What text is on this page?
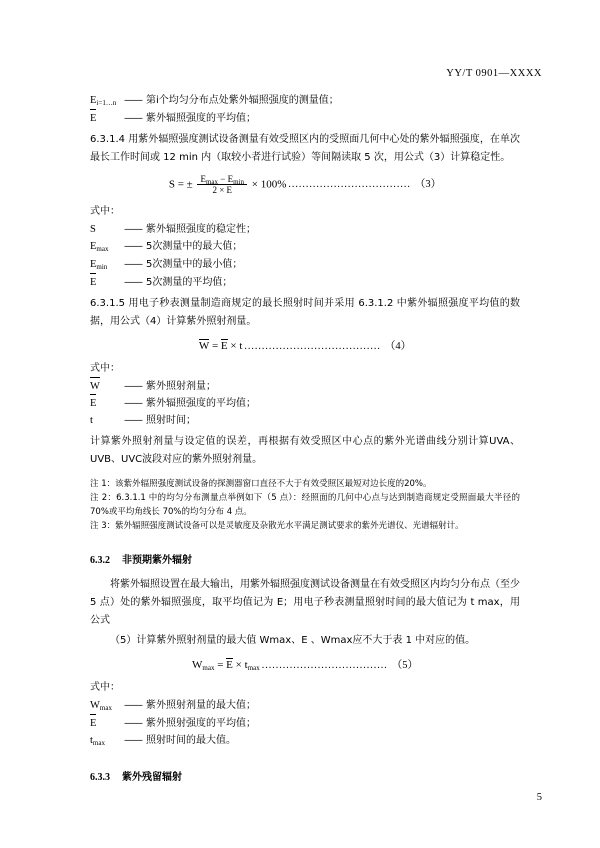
YY/T 0901—XXXX
$E_{i=1\dots n}$ —— 第i个均匀分布点处紫外辐照强度的测量值；
E	—— 紫外辐照强度的平均值；

6.3.1.4 用紫外辐照强度测试设备测量有效受照区内的受照面几何中心处的紫外辐照强度，在单次最长工作时间或 12 min 内（取较小者进行试验）等间隔读取 5 次，用公式（3）计算稳定性。

S = ± $\frac{E_{max} - E_{min}}{2 \times E} \times 100\%$ ................................... （3）
式中：
S	—— 紫外辐照强度的稳定性；
$E_{max}$	—— 5次测量中的最大值；
$E_{min}$	—— 5次测量中的最小值；
E	—— 5次测量的平均值；

6.3.1.5 用电子秒表测量制造商规定的最长照射时间并采用 6.3.1.2 中紫外辐照强度平均值的数据，用公式（4）计算紫外照射剂量。

W = E × t ....................................... （4）
式中：
W	—— 紫外照射剂量；
E	—— 紫外辐照强度的平均值；
t	—— 照射时间；

计算紫外照射剂量与设定值的误差，再根据有效受照区中心点的紫外光谱曲线分别计算UVA、UVB、UVC波段对应的紫外照射剂量。

注 1：该紫外辐照强度测试设备的探测器窗口直径不大于有效受照区最短对边长度的20%。

注 2：6.3.1.1 中的均匀分布测量点举例如下（5 点）：经照面的几何中心点与达到制造商规定受照面最大半径的70%或平均角线长 70%的均匀分布 4 点。

注 3：紫外辐照强度测试设备可以是灵敏度及杂散光水平满足测试要求的紫外光谱仪、光谱辐射计。

6.3.2 非预期紫外辐射

将紫外辐照设置在最大输出，用紫外辐照强度测试设备测量在有效受照区内均匀分布点（至少 5 点）处的紫外辐照强度，取平均值记为 E；用电子秒表测量照射时间的最大值记为 t max，用公式

（5）计算紫外照射剂量的最大值 Wmax、E 、Wmax应不大于表 1 中对应的值。

$W_{max} = E \times t_{max}$ .................................... （5）
式中：
$W_{max}$	—— 紫外照射剂量的最大值；
E	—— 紫外照射强度的平均值；
$t_{max}$	—— 照射时间的最大值。
6.3.3 紫外残留辐射
5
